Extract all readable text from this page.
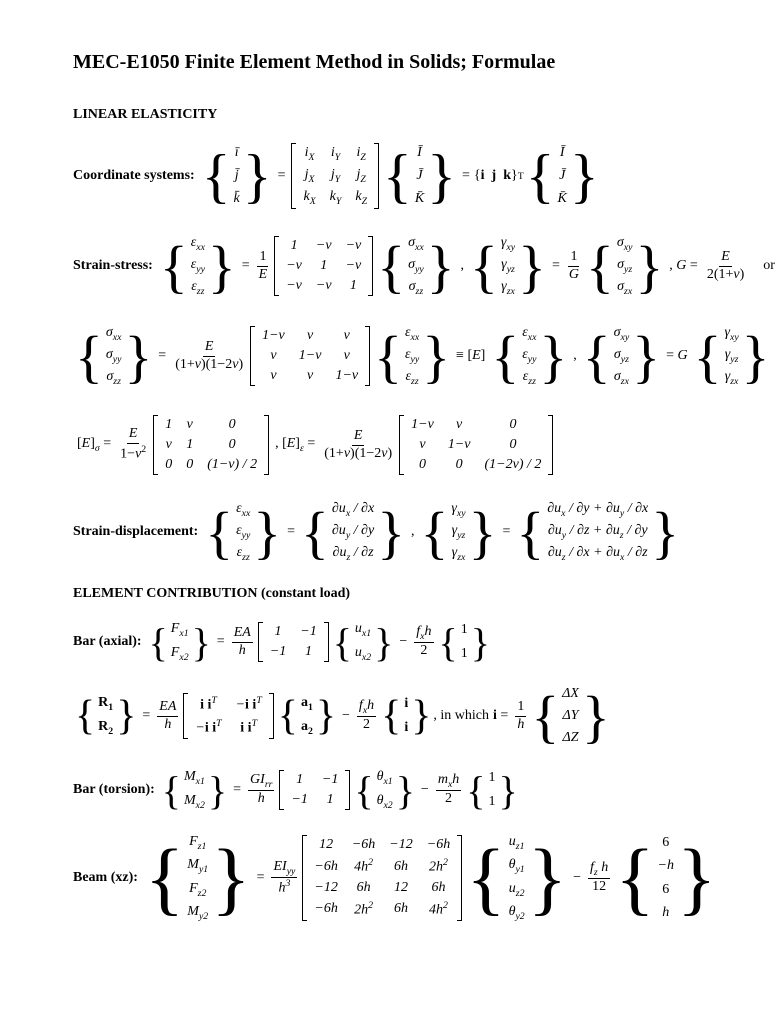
MEC-E1050 Finite Element Method in Solids; Formulae
LINEAR ELASTICITY
Coordinate systems: { ī
j̄
k̄ } =
$i_X$	$i_Y$	$i_Z$
$j_X$	$j_Y$	$j_Z$
$k_X$	$k_Y$	$k_Z$ { Ī
J̄
K̄ } = { i
j
k } T { Ī
J̄
K̄ }
Strain-stress: { $\varepsilon_{xx}$
$\varepsilon_{yy}$
$\varepsilon_{zz}$ } = $\frac{1}{E}$
1	−ν	−ν
−ν	1	−ν
−ν	−ν	1 { $\sigma_{xx}$
$\sigma_{yy}$
$\sigma_{zz}$ } , { $\gamma_{xy}$
$\gamma_{yz}$
$\gamma_{zx}$ } = $\frac{1}{G}$ { $\sigma_{xy}$
$\sigma_{yz}$
$\sigma_{zx}$ } , $G = \frac{E}{2(1+\nu)}$ or
{ $\sigma_{xx}$
$\sigma_{yy}$
$\sigma_{zz}$ } = $\frac{E}{(1+\nu)(1-2\nu)}$
1−ν	ν	ν
ν	1−ν	ν
ν	ν	1−ν { $\varepsilon_{xx}$
$\varepsilon_{yy}$
$\varepsilon_{zz}$ } ≡ [E] { $\varepsilon_{xx}$
$\varepsilon_{yy}$
$\varepsilon_{zz}$ } , { $\sigma_{xy}$
$\sigma_{yz}$
$\sigma_{zx}$ } = G { $\gamma_{xy}$
$\gamma_{yz}$
$\gamma_{zx}$ }
$[E]_\sigma = \frac{E}{1-\nu^2}$
1	ν	0
ν	1	0
0	0	(1−ν) / 2
, $[E]_\varepsilon = \frac{E}{(1+\nu)(1-2\nu)}$
1−ν	ν	0
ν	1−ν	0
0	0	(1−2ν) / 2
Strain-displacement: { $\varepsilon_{xx}$
$\varepsilon_{yy}$
$\varepsilon_{zz}$ } = { $\partial u_x / \partial x$
$\partial u_y / \partial y$
$\partial u_z / \partial z$ } , { $\gamma_{xy}$
$\gamma_{yz}$
$\gamma_{zx}$ } = { $\partial u_x / \partial y + \partial u_y / \partial x$
$\partial u_y / \partial z + \partial u_z / \partial y$
$\partial u_z / \partial x + \partial u_x / \partial z$ }
ELEMENT CONTRIBUTION (constant load)
Bar (axial): { $F_{x1}$
$F_{x2}$ } = $\frac{EA}{h} 1$	−1
−1	1 { $u_{x1}$
$u_{x2}$ } − $\frac{f_xh}{2}$ { 1
1 }
{ $R_1$
$R_2$ } = $\frac{EA}{h}$ i $i^T$	−i $i^T$
−i $i^T$	i $i^T$ { $a_1$
$a_2$ } − $\frac{f_xh}{2}$ { i
i } , in which $i = \frac{1}{h}$ { ΔX
ΔY
ΔZ }
Bar (torsion): { $M_{x1}$
$M_{x2}$ } = $\frac{GI_{rr}}{h} 1$	−1
−1	1 { $\theta_{x1}$
$\theta_{x2}$ } − $\frac{m_xh}{2}$ { 1
1 }
Beam (xz): { $F_{z1}$
$M_{y1}$
$F_{z2}$
$M_{y2}$ } = $\frac{EI_{yy}}{h^3}$
12	−6h	−12	−6h
−6h	$4h^2$	6h	$2h^2$
−12	6h	12	6h
−6h	$2h^2$	6h	$4h^2$ { $u_{z1}$
$\theta_{y1}$
$u_{z2}$
$\theta_{y2}$ } − $\frac{f_z h}{12}$ { 6
−h
6
h }
